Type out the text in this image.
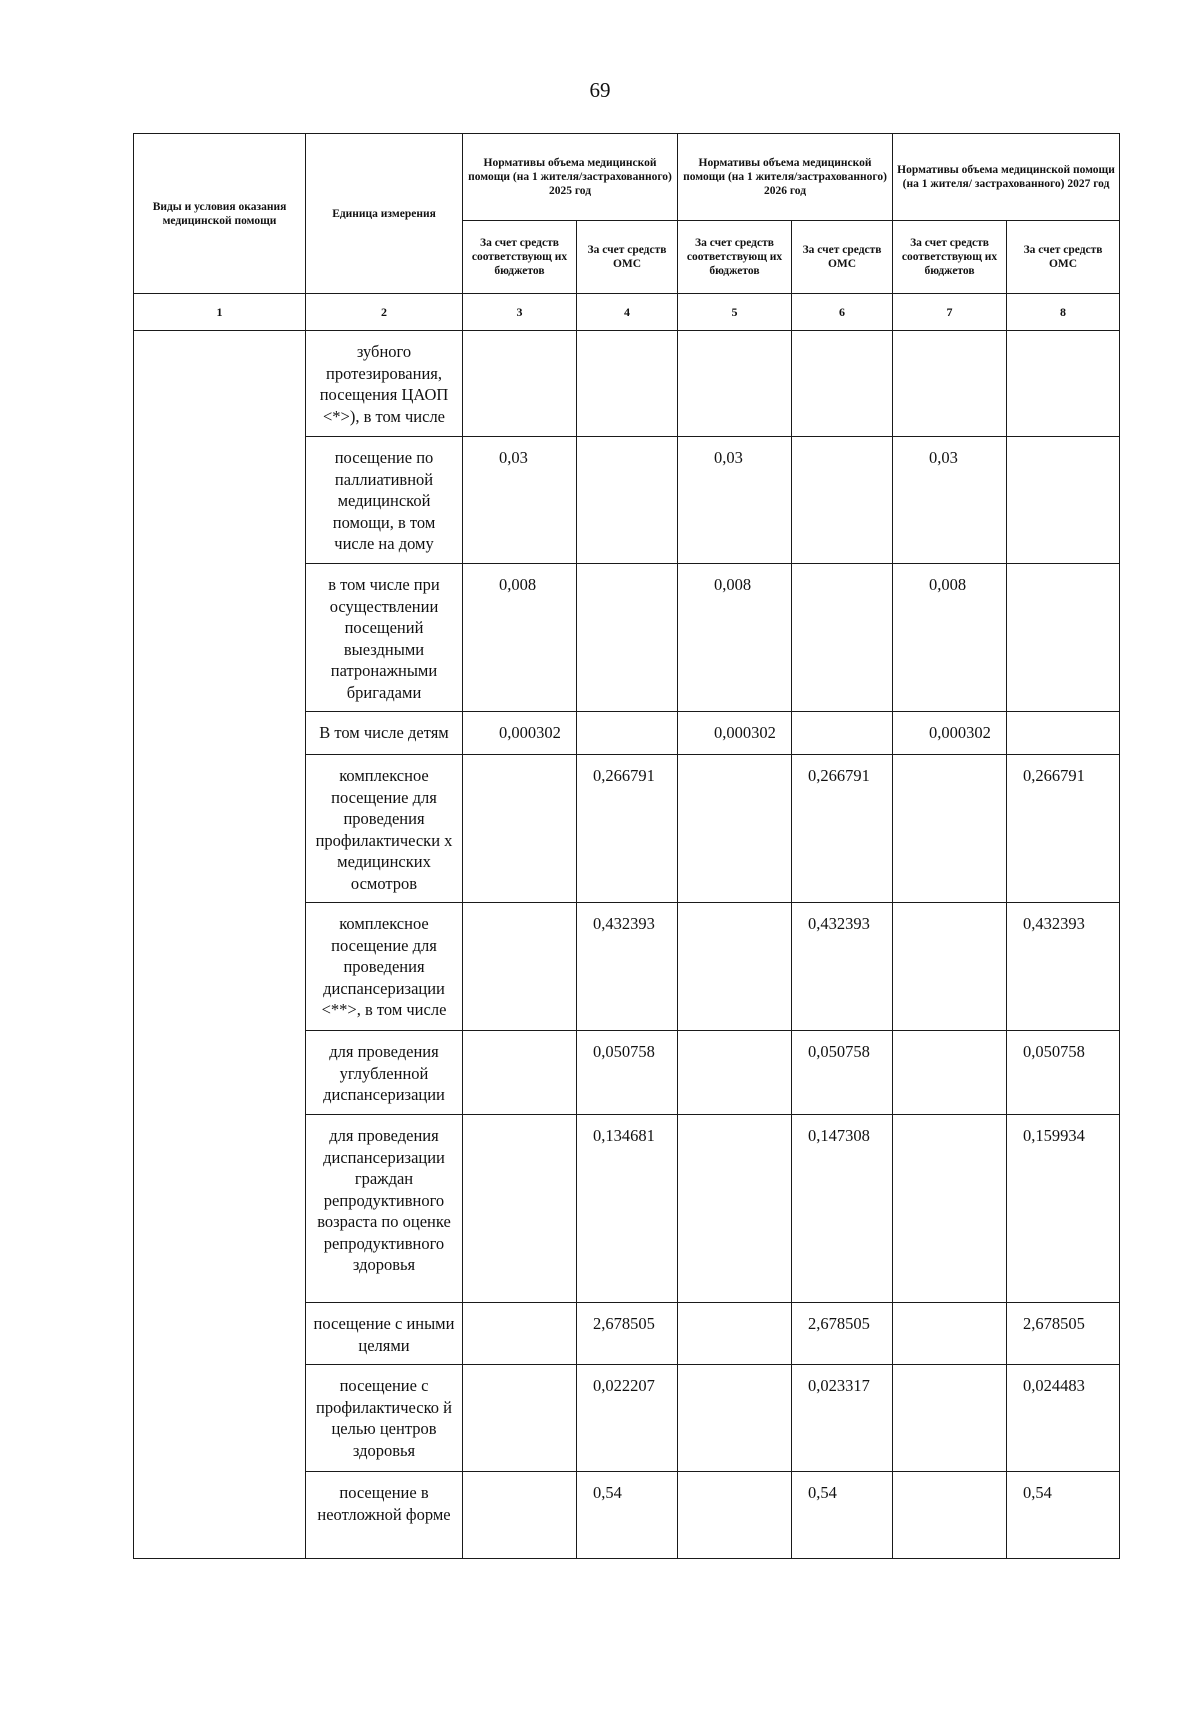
69
Виды и условия оказания медицинской помощи	Единица измерения	Нормативы объема медицинской помощи (на 1 жителя/застрахованного) 2025 год		Нормативы объема медицинской помощи (на 1 жителя/застрахованного) 2026 год		Нормативы объема медицинской помощи (на 1 жителя/ застрахованного) 2027 год	
		За счет средств соответствующ их бюджетов	За счет средств ОМС	За счет средств соответствующ их бюджетов	За счет средств ОМС	За счет средств соответствующ их бюджетов	За счет средств ОМС
1	2	3	4	5	6	7	8
	зубного протезирования, посещения ЦАОП <*>), в том числе						
	посещение по паллиативной медицинской помощи, в том числе на дому	0,03		0,03		0,03	
	в том числе при осуществлении посещений выездными патронажными бригадами	0,008		0,008		0,008	
	В том числе детям	0,000302		0,000302		0,000302	
	комплексное посещение для проведения профилактически х медицинских осмотров		0,266791		0,266791		0,266791
	комплексное посещение для проведения диспансеризации <**>, в том числе		0,432393		0,432393		0,432393
	для проведения углубленной диспансеризации		0,050758		0,050758		0,050758
	для проведения диспансеризации граждан репродуктивного возраста по оценке репродуктивного здоровья		0,134681		0,147308		0,159934
	посещение с иными целями		2,678505		2,678505		2,678505
	посещение с профилактическо й целью центров здоровья		0,022207		0,023317		0,024483
	посещение в неотложной форме		0,54		0,54		0,54
